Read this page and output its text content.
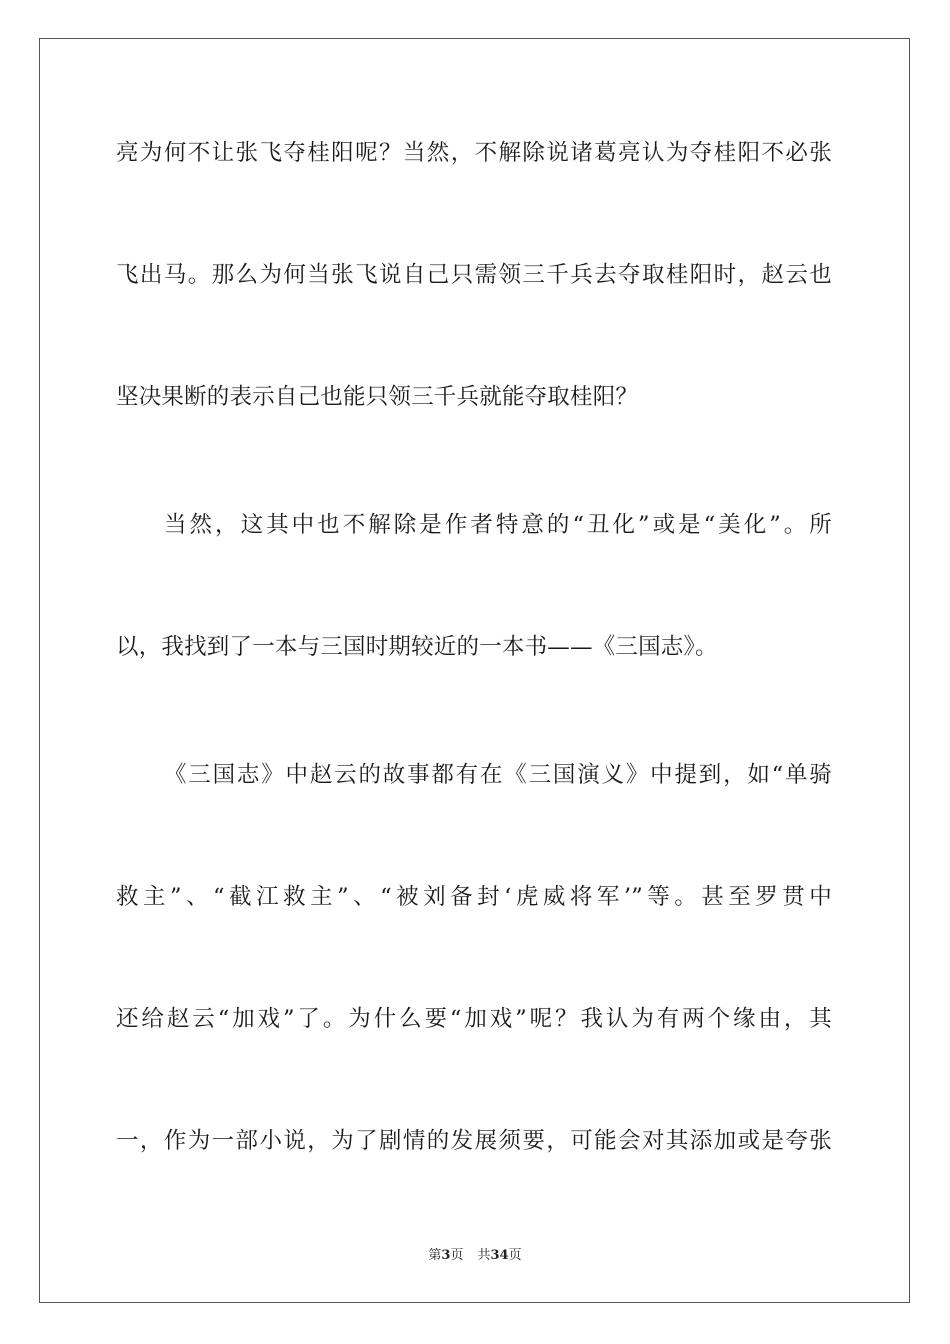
亮为何不让张飞夺桂阳呢？当然，不解除说诸葛亮认为夺桂阳不必张
飞出马。那么为何当张飞说自己只需领三千兵去夺取桂阳时，赵云也
坚决果断的表示自己也能只领三千兵就能夺取桂阳？
当然，这其中也不解除是作者特意的“丑化”或是“美化”。所
以，我找到了一本与三国时期较近的一本书——《三国志》。
《三国志》中赵云的故事都有在《三国演义》中提到，如“单骑
救主”、“截江救主”、“被刘备封‘虎威将军’”等。甚至罗贯中
还给赵云“加戏”了。为什么要“加戏”呢？我认为有两个缘由，其
一，作为一部小说，为了剧情的发展须要，可能会对其添加或是夸张
第3页 共34页
